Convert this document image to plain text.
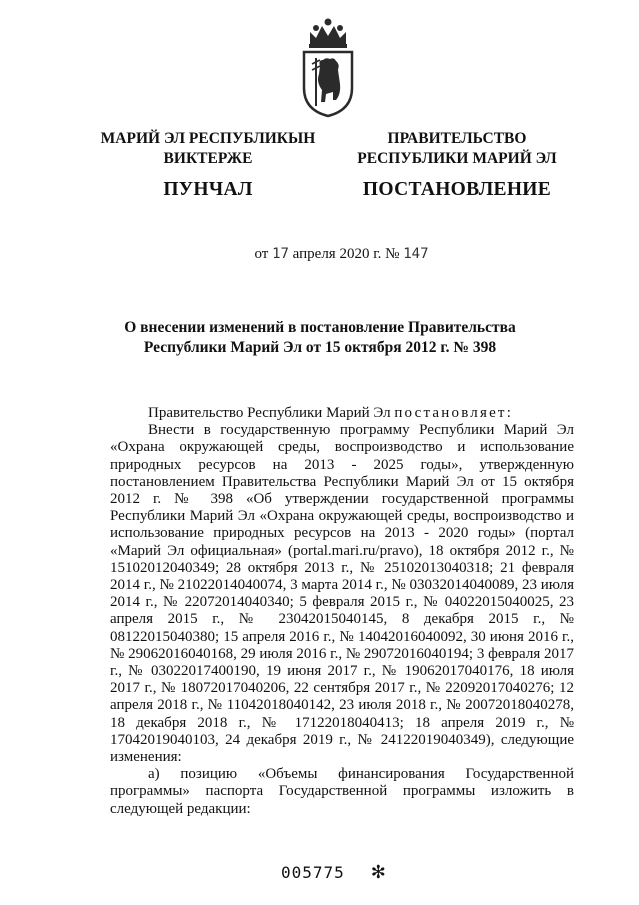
МАРИЙ ЭЛ РЕСПУБЛИКЫН
ВИКТЕРЖЕ
ПУНЧАЛ
ПРАВИТЕЛЬСТВО
РЕСПУБЛИКИ МАРИЙ ЭЛ
ПОСТАНОВЛЕНИЕ
от 17 апреля 2020 г. № 147
О внесении изменений в постановление Правительства
Республики Марий Эл от 15 октября 2012 г. № 398

Правительство Республики Марий Эл постановляет:

Внести в государственную программу Республики Марий Эл «Охрана окружающей среды, воспроизводство и использование природных ресурсов на 2013 - 2025 годы», утвержденную постановлением Правительства Республики Марий Эл от 15 октября 2012 г. № 398 «Об утверждении государственной программы Республики Марий Эл «Охрана окружающей среды, воспроизводство и использование природных ресурсов на 2013 - 2020 годы» (портал «Марий Эл официальная» (portal.mari.ru/pravo), 18 октября 2012 г., № 15102012040349; 28 октября 2013 г., № 25102013040318; 21 февраля 2014 г., № 21022014040074, 3 марта 2014 г., № 03032014040089, 23 июля 2014 г., № 22072014040340; 5 февраля 2015 г., № 04022015040025, 23 апреля 2015 г., № 23042015040145, 8 декабря 2015 г., № 08122015040380; 15 апреля 2016 г., № 14042016040092, 30 июня 2016 г., № 29062016040168, 29 июля 2016 г., № 29072016040194; 3 февраля 2017 г., № 03022017400190, 19 июня 2017 г., № 19062017040176, 18 июля 2017 г., № 18072017040206, 22 сентября 2017 г., № 22092017040276; 12 апреля 2018 г., № 11042018040142, 23 июля 2018 г., № 20072018040278, 18 декабря 2018 г., № 17122018040413; 18 апреля 2019 г., № 17042019040103, 24 декабря 2019 г., № 24122019040349), следующие изменения:

а) позицию «Объемы финансирования Государственной программы» паспорта Государственной программы изложить в следующей редакции:

005775 ✻
